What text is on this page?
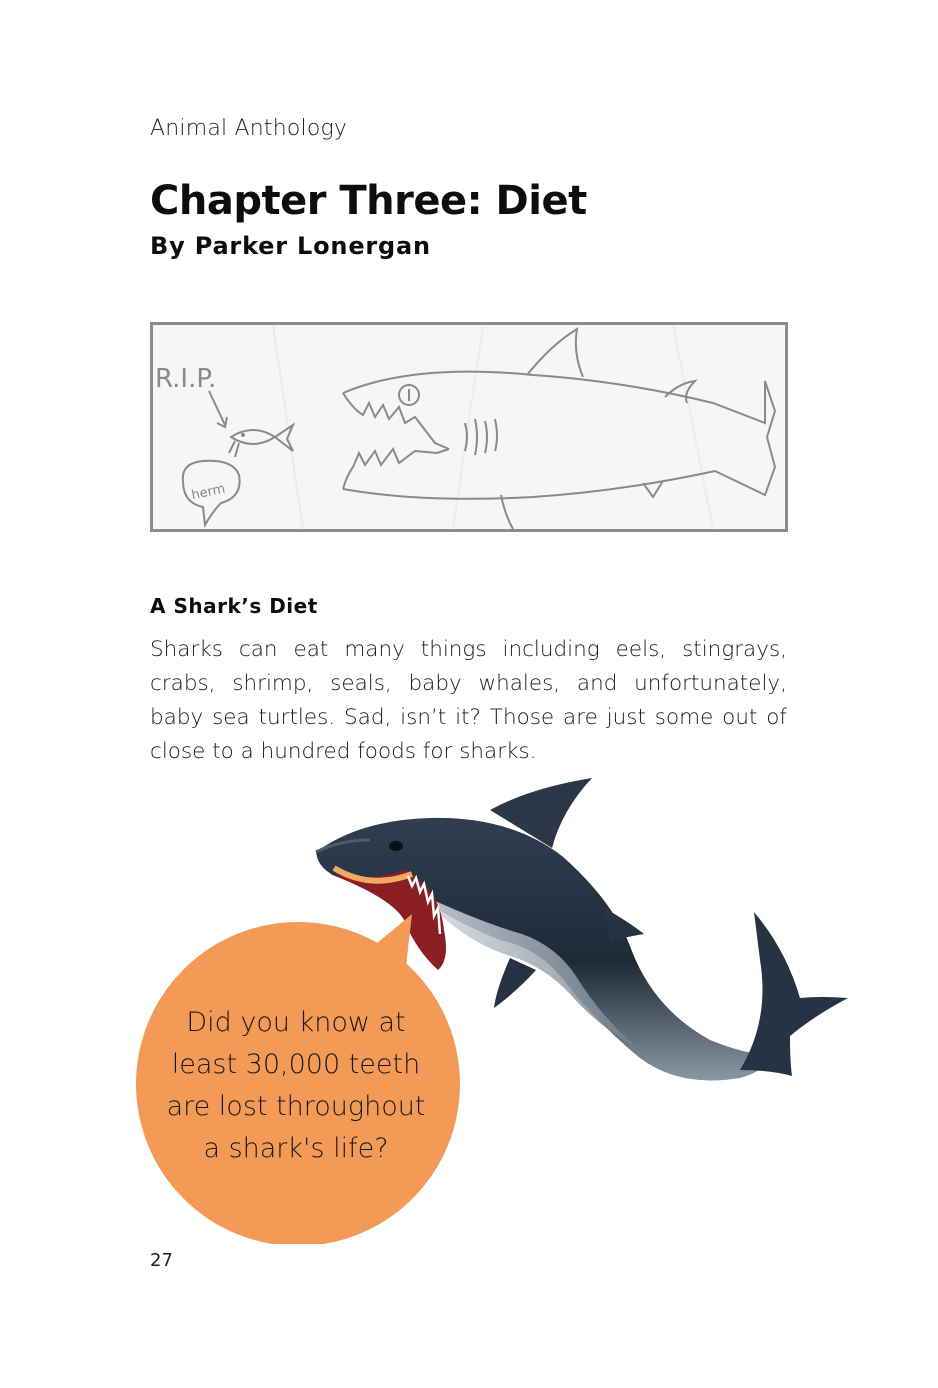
Animal Anthology
Chapter Three: Diet
By Parker Lonergan
R.I.P.
herm
A Shark’s Diet

Sharks can eat many things including eels, stingrays, crabs, shrimp, seals, baby whales, and unfortunately, baby sea turtles. Sad, isn’t it? Those are just some out of close to a hundred foods for sharks.

Did you know at
least 30,000 teeth
are lost throughout
a shark's life?
27
